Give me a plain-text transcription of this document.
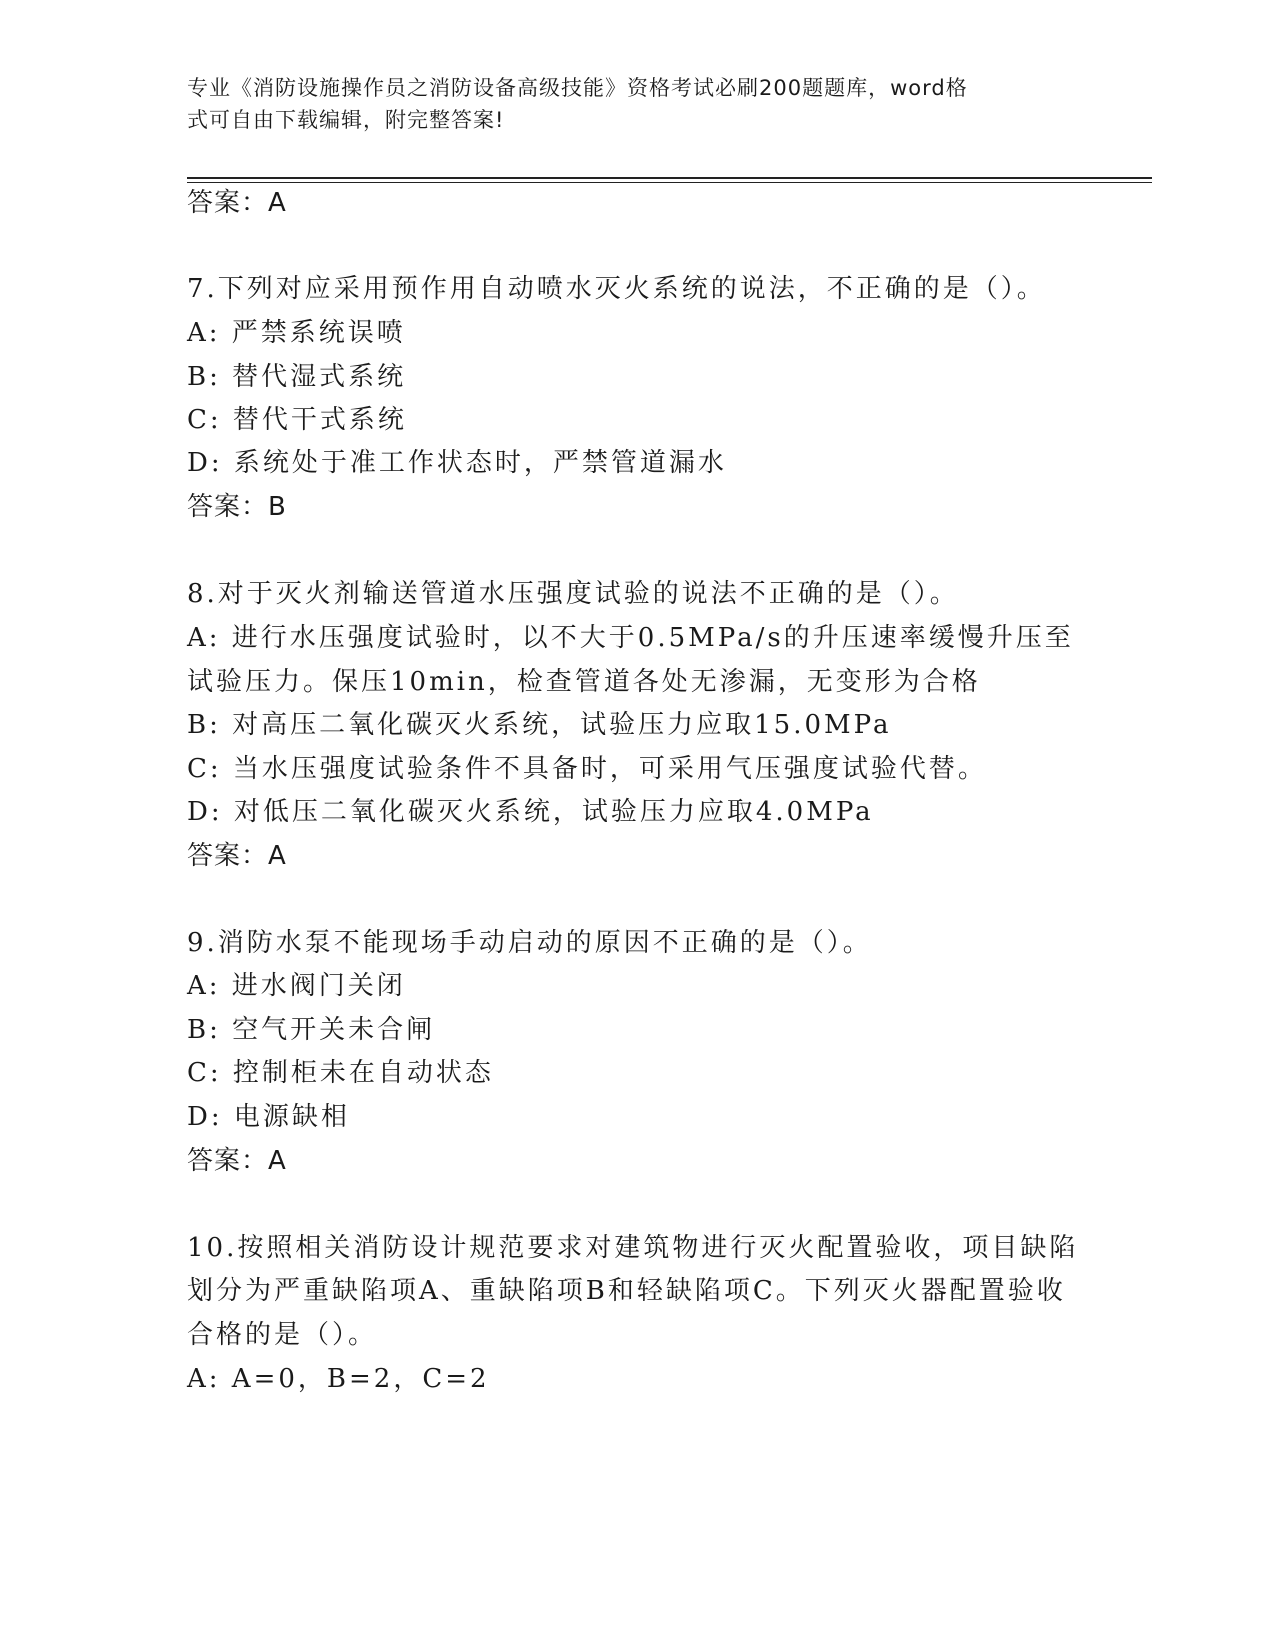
专业《消防设施操作员之消防设备高级技能》资格考试必刷200题题库，word格
式可自由下载编辑，附完整答案!
答案：A
7.下列对应采用预作用自动喷水灭火系统的说法，不正确的是（）。
A: 严禁系统误喷
B: 替代湿式系统
C: 替代干式系统
D: 系统处于准工作状态时，严禁管道漏水
答案：B
8.对于灭火剂输送管道水压强度试验的说法不正确的是（）。
A: 进行水压强度试验时，以不大于0.5MPa/s的升压速率缓慢升压至
试验压力。保压10min，检查管道各处无渗漏，无变形为合格
B: 对高压二氧化碳灭火系统，试验压力应取15.0MPa
C: 当水压强度试验条件不具备时，可采用气压强度试验代替。
D: 对低压二氧化碳灭火系统，试验压力应取4.0MPa
答案：A
9.消防水泵不能现场手动启动的原因不正确的是（）。
A: 进水阀门关闭
B: 空气开关未合闸
C: 控制柜未在自动状态
D: 电源缺相
答案：A
10.按照相关消防设计规范要求对建筑物进行灭火配置验收，项目缺陷
划分为严重缺陷项A、重缺陷项B和轻缺陷项C。下列灭火器配置验收
合格的是（）。
A: A=0，B=2，C=2
